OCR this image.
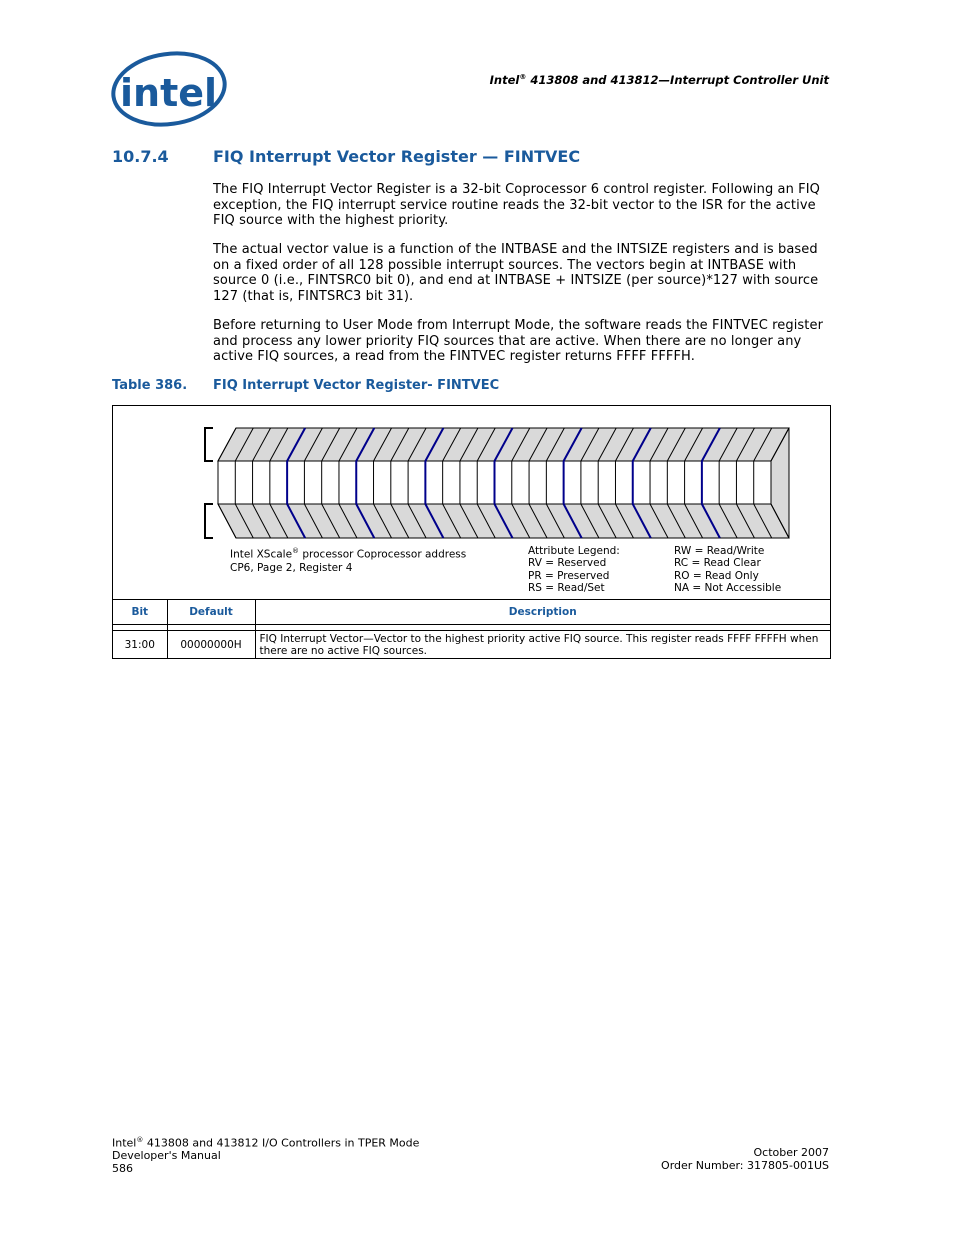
intel	Intel® 413808 and 413812—Interrupt Controller Unit
10.7.4	FIQ Interrupt Vector Register — FINTVEC
The FIQ Interrupt Vector Register is a 32-bit Coprocessor 6 control register. Following an FIQ exception, the FIQ interrupt service routine reads the 32-bit vector to the ISR for the active FIQ source with the highest priority.
The actual vector value is a function of the INTBASE and the INTSIZE registers and is based on a fixed order of all 128 possible interrupt sources. The vectors begin at INTBASE with source 0 (i.e., FINTSRC0 bit 0), and end at INTBASE + INTSIZE (per source)*127 with source 127 (that is, FINTSRC3 bit 31).
Before returning to User Mode from Interrupt Mode, the software reads the FINTVEC register and process any lower priority FIQ sources that are active. When there are no longer any active FIQ sources, a read from the FINTVEC register returns FFFF FFFFH.
Table 386. FIQ Interrupt Vector Register- FINTVEC
Intel XScale® processor Coprocessor address
CP6, Page 2, Register 4
Attribute Legend:
RV = Reserved
PR = Preserved
RS = Read/Set
RW = Read/Write
RC = Read Clear
RO = Read Only
NA = Not Accessible
Bit	Default	Description

31:00	00000000H	FIQ Interrupt Vector—Vector to the highest priority active FIQ source. This register reads FFFF FFFFH when there are no active FIQ sources.
Intel® 413808 and 413812 I/O Controllers in TPER Mode
Developer's Manual
586
October 2007
Order Number: 317805-001US
